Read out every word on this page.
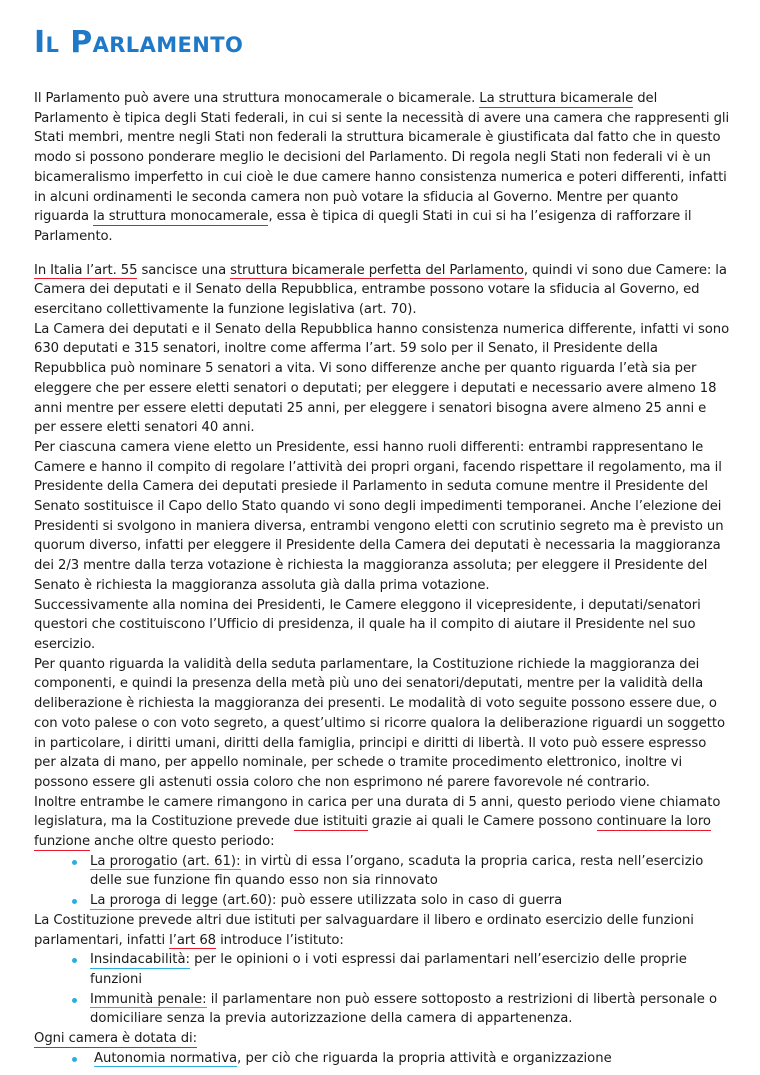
Il Parlamento

Il Parlamento può avere una struttura monocamerale o bicamerale. La struttura bicamerale del Parlamento è tipica degli Stati federali, in cui si sente la necessità di avere una camera che rappresenti gli Stati membri, mentre negli Stati non federali la struttura bicamerale è giustificata dal fatto che in questo modo si possono ponderare meglio le decisioni del Parlamento. Di regola negli Stati non federali vi è un bicameralismo imperfetto in cui cioè le due camere hanno consistenza numerica e poteri differenti, infatti in alcuni ordinamenti le seconda camera non può votare la sfiducia al Governo. Mentre per quanto riguarda la struttura monocamerale, essa è tipica di quegli Stati in cui si ha l’esigenza di rafforzare il Parlamento.

In Italia l’art. 55 sancisce una struttura bicamerale perfetta del Parlamento, quindi vi sono due Camere: la Camera dei deputati e il Senato della Repubblica, entrambe possono votare la sfiducia al Governo, ed esercitano collettivamente la funzione legislativa (art. 70).

La Camera dei deputati e il Senato della Repubblica hanno consistenza numerica differente, infatti vi sono 630 deputati e 315 senatori, inoltre come afferma l’art. 59 solo per il Senato, il Presidente della Repubblica può nominare 5 senatori a vita. Vi sono differenze anche per quanto riguarda l’età sia per eleggere che per essere eletti senatori o deputati; per eleggere i deputati e necessario avere almeno 18 anni mentre per essere eletti deputati 25 anni, per eleggere i senatori bisogna avere almeno 25 anni e per essere eletti senatori 40 anni.

Per ciascuna camera viene eletto un Presidente, essi hanno ruoli differenti: entrambi rappresentano le Camere e hanno il compito di regolare l’attività dei propri organi, facendo rispettare il regolamento, ma il Presidente della Camera dei deputati presiede il Parlamento in seduta comune mentre il Presidente del Senato sostituisce il Capo dello Stato quando vi sono degli impedimenti temporanei. Anche l’elezione dei Presidenti si svolgono in maniera diversa, entrambi vengono eletti con scrutinio segreto ma è previsto un quorum diverso, infatti per eleggere il Presidente della Camera dei deputati è necessaria la maggioranza dei 2/3 mentre dalla terza votazione è richiesta la maggioranza assoluta; per eleggere il Presidente del Senato è richiesta la maggioranza assoluta già dalla prima votazione.

Successivamente alla nomina dei Presidenti, le Camere eleggono il vicepresidente, i deputati/senatori questori che costituiscono l’Ufficio di presidenza, il quale ha il compito di aiutare il Presidente nel suo esercizio.

Per quanto riguarda la validità della seduta parlamentare, la Costituzione richiede la maggioranza dei componenti, e quindi la presenza della metà più uno dei senatori/deputati, mentre per la validità della deliberazione è richiesta la maggioranza dei presenti. Le modalità di voto seguite possono essere due, o con voto palese o con voto segreto, a quest’ultimo si ricorre qualora la deliberazione riguardi un soggetto in particolare, i diritti umani, diritti della famiglia, principi e diritti di libertà. Il voto può essere espresso per alzata di mano, per appello nominale, per schede o tramite procedimento elettronico, inoltre vi possono essere gli astenuti ossia coloro che non esprimono né parere favorevole né contrario.

Inoltre entrambe le camere rimangono in carica per una durata di 5 anni, questo periodo viene chiamato legislatura, ma la Costituzione prevede due istituiti grazie ai quali le Camere possono continuare la loro funzione anche oltre questo periodo:

La prorogatio (art. 61): in virtù di essa l’organo, scaduta la propria carica, resta nell’esercizio delle sue funzione fin quando esso non sia rinnovato
La proroga di legge (art.60): può essere utilizzata solo in caso di guerra

La Costituzione prevede altri due istituti per salvaguardare il libero e ordinato esercizio delle funzioni parlamentari, infatti l’art 68 introduce l’istituto:

Insindacabilità: per le opinioni o i voti espressi dai parlamentari nell’esercizio delle proprie funzioni
Immunità penale: il parlamentare non può essere sottoposto a restrizioni di libertà personale o domiciliare senza la previa autorizzazione della camera di appartenenza.

Ogni camera è dotata di:

Autonomia normativa, per ciò che riguarda la propria attività e organizzazione
